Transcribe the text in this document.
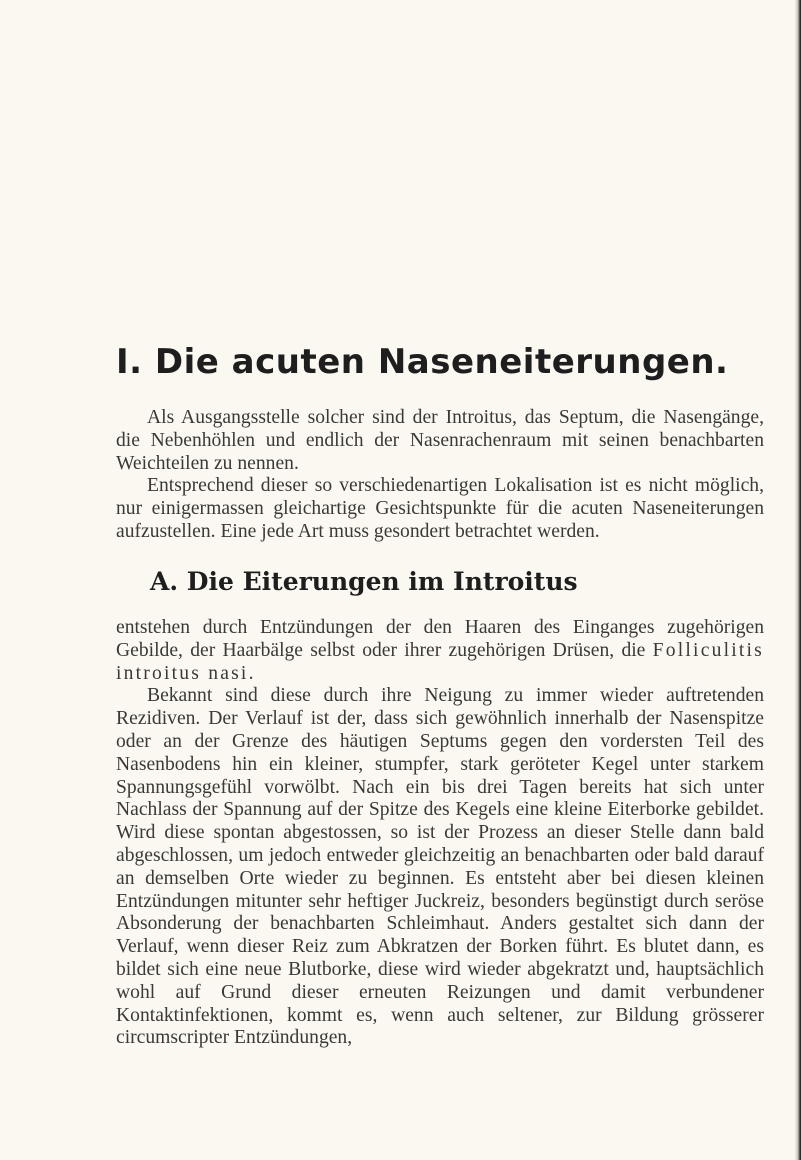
I. Die acuten Naseneiterungen.

Als Ausgangsstelle solcher sind der Introitus, das Septum, die Nasengänge, die Nebenhöhlen und endlich der Nasenrachenraum mit seinen benachbarten Weichteilen zu nennen.

Entsprechend dieser so verschiedenartigen Lokalisation ist es nicht möglich, nur einigermassen gleichartige Gesichtspunkte für die acuten Naseneiterungen aufzustellen. Eine jede Art muss gesondert betrachtet werden.

A. Die Eiterungen im Introitus

entstehen durch Entzündungen der den Haaren des Einganges zugehörigen Gebilde, der Haarbälge selbst oder ihrer zugehörigen Drüsen, die Folliculitis introitus nasi.

Bekannt sind diese durch ihre Neigung zu immer wieder auftretenden Rezidiven. Der Verlauf ist der, dass sich gewöhnlich innerhalb der Nasenspitze oder an der Grenze des häutigen Septums gegen den vordersten Teil des Nasenbodens hin ein kleiner, stumpfer, stark geröteter Kegel unter starkem Spannungsgefühl vorwölbt. Nach ein bis drei Tagen bereits hat sich unter Nachlass der Spannung auf der Spitze des Kegels eine kleine Eiterborke gebildet. Wird diese spontan abgestossen, so ist der Prozess an dieser Stelle dann bald abgeschlossen, um jedoch entweder gleichzeitig an benachbarten oder bald darauf an demselben Orte wieder zu beginnen. Es entsteht aber bei diesen kleinen Entzündungen mitunter sehr heftiger Juckreiz, besonders begünstigt durch seröse Absonderung der benachbarten Schleimhaut. Anders gestaltet sich dann der Verlauf, wenn dieser Reiz zum Abkratzen der Borken führt. Es blutet dann, es bildet sich eine neue Blutborke, diese wird wieder abgekratzt und, hauptsächlich wohl auf Grund dieser erneuten Reizungen und damit verbundener Kontaktinfektionen, kommt es, wenn auch seltener, zur Bildung grösserer circumscripter Entzündungen,
